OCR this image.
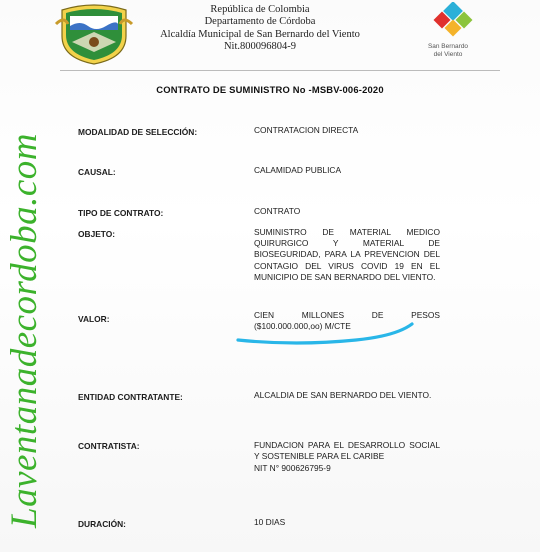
República de Colombia
Departamento de Córdoba
Alcaldía Municipal de San Bernardo del Viento
Nit.800096804-9	San Bernardo
del Viento
CONTRATO DE SUMINISTRO No -MSBV-006-2020
MODALIDAD DE SELECCIÓN:	CONTRATACION DIRECTA
CAUSAL:	CALAMIDAD PUBLICA
TIPO DE CONTRATO:	CONTRATO
OBJETO:	SUMINISTRO DE MATERIAL MEDICO QUIRURGICO Y MATERIAL DE BIOSEGURIDAD, PARA LA PREVENCION DEL CONTAGIO DEL VIRUS COVID 19 EN EL MUNICIPIO DE SAN BERNARDO DEL VIENTO.
VALOR:	CIEN MILLONES DE PESOS
($100.000.000,oo) M/CTE
ENTIDAD CONTRATANTE:	ALCALDIA DE SAN BERNARDO DEL VIENTO.
CONTRATISTA:	FUNDACION PARA EL DESARROLLO SOCIAL Y SOSTENIBLE PARA EL CARIBE
NIT N° 900626795-9
DURACIÓN:	10 DIAS
Laventanadecordoba.com
